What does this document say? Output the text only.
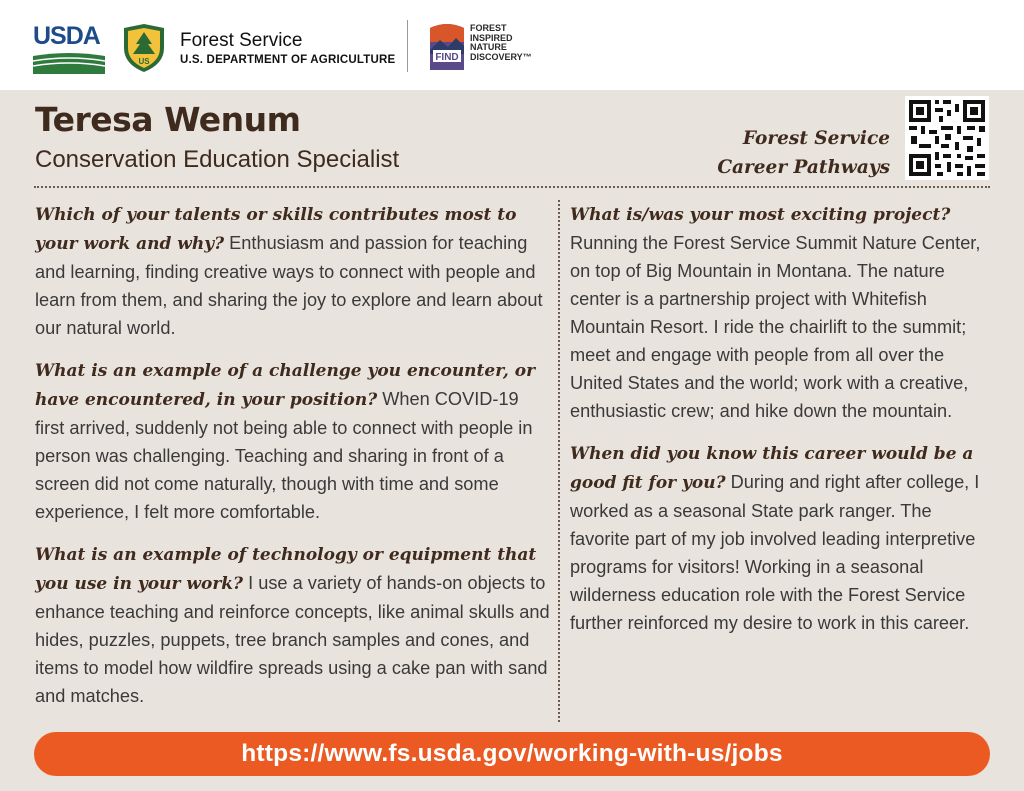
USDA
US
Forest Service
U.S. DEPARTMENT OF AGRICULTURE	FIND
FOREST
INSPIRED
NATURE
DISCOVERY™
Teresa Wenum
Conservation Education Specialist
Forest Service
Career Pathways

Which of your talents or skills contributes most to your work and why? Enthusiasm and passion for teaching and learning, finding creative ways to connect with people and learn from them, and sharing the joy to explore and learn about our natural world.

What is an example of a challenge you encounter, or have encountered, in your position? When COVID-19 first arrived, suddenly not being able to connect with people in person was challenging. Teaching and sharing in front of a screen did not come naturally, though with time and some experience, I felt more comfortable.

What is an example of technology or equipment that you use in your work? I use a variety of hands-on objects to enhance teaching and reinforce concepts, like animal skulls and hides, puzzles, puppets, tree branch samples and cones, and items to model how wildfire spreads using a cake pan with sand and matches.

What is/was your most exciting project?
Running the Forest Service Summit Nature Center, on top of Big Mountain in Montana. The nature center is a partnership project with Whitefish Mountain Resort. I ride the chairlift to the summit; meet and engage with people from all over the United States and the world; work with a creative, enthusiastic crew; and hike down the mountain.

When did you know this career would be a good fit for you? During and right after college, I worked as a seasonal State park ranger. The favorite part of my job involved leading interpretive programs for visitors! Working in a seasonal wilderness education role with the Forest Service further reinforced my desire to work in this career.

https://www.fs.usda.gov/working-with-us/jobs
